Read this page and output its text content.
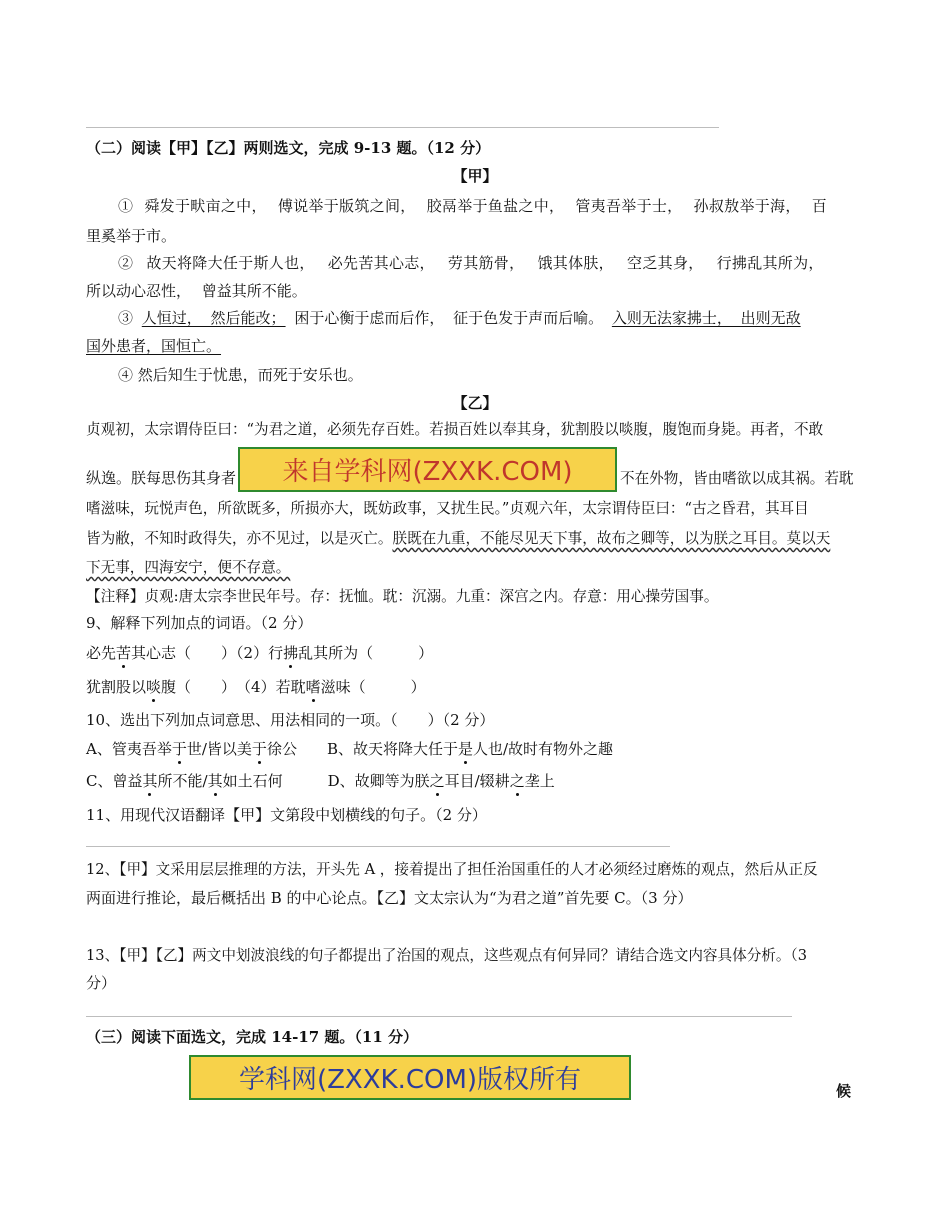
（二）阅读【甲】【乙】两则选文，完成 9-13 题。（12 分）
【甲】
① 舜发于畎亩之中， 傅说举于版筑之间， 胶鬲举于鱼盐之中， 管夷吾举于士， 孙叔敖举于海， 百
里奚举于市。
② 故天将降大任于斯人也， 必先苦其心志， 劳其筋骨， 饿其体肤， 空乏其身， 行拂乱其所为，
所以动心忍性， 曾益其所不能。
③ 人恒过， 然后能改； 困于心衡于虑而后作， 征于色发于声而后喻。 入则无法家拂士， 出则无敌
国外患者，国恒亡。
④ 然后知生于忧患，而死于安乐也。
【乙】
贞观初，太宗谓侍臣曰：“为君之道，必须先存百姓。若损百姓以奉其身，犹割股以啖腹，腹饱而身毙。再者，不敢
纵逸。朕每思伤其身者	不在外物，皆由嗜欲以成其祸。若耽
嗜滋味，玩悦声色，所欲既多，所损亦大，既妨政事，又扰生民。”贞观六年，太宗谓侍臣曰：“古之昏君，其耳目
皆为敝，不知时政得失，亦不见过，以是灭亡。朕既在九重，不能尽见天下事，故布之卿等，以为朕之耳目。莫以天
下无事，四海安宁，便不存意。
【注释】贞观:唐太宗李世民年号。存：抚恤。耽：沉溺。九重：深宫之内。存意：用心操劳国事。
来自学科网(ZXXK.COM)
9、解释下列加点的词语。（2 分）
必先苦其心志（　　）（2）行拂乱其所为（　　　）
犹割股以啖腹（　　）　（4）若耽嗜滋味（　　　）
10、选出下列加点词意思、用法相同的一项。（　　）（2 分）
A、管夷吾举于世/皆以美于徐公　　B、故天将降大任于是人也/故时有物外之趣
C、曾益其所不能/其如土石何　　　D、故卿等为朕之耳目/辍耕之垄上
11、用现代汉语翻译【甲】文第段中划横线的句子。（2 分）
12、【甲】文采用层层推理的方法，开头先 A ，接着提出了担任治国重任的人才必须经过磨炼的观点，然后从正反
两面进行推论，最后概括出 B 的中心论点。【乙】文太宗认为“为君之道”首先要 C。（3 分）
13、【甲】【乙】两文中划波浪线的句子都提出了治国的观点，这些观点有何异同？请结合选文内容具体分析。（3
分）
（三）阅读下面选文，完成 14-17 题。（11 分）
学科网(ZXXK.COM)版权所有	候
